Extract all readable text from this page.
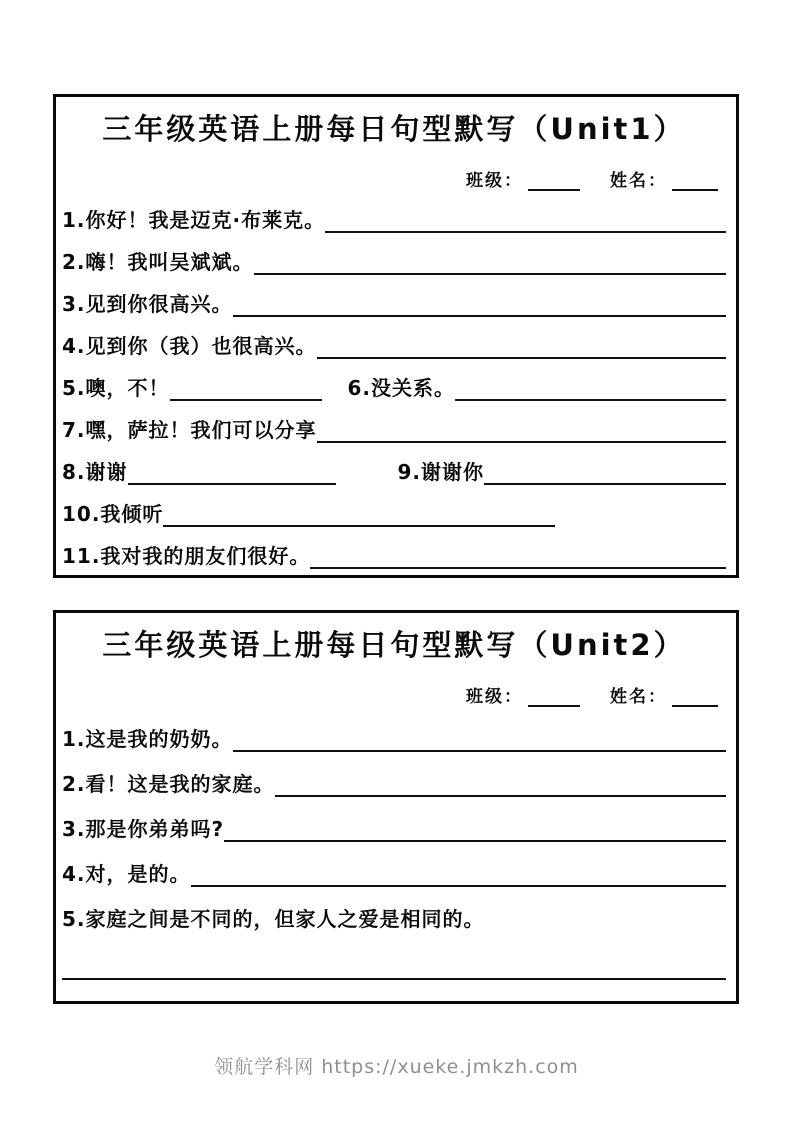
三年级英语上册每日句型默写（Unit1）
班级：	姓名：
1.你好！我是迈克·布莱克。
2.嗨！我叫吴斌斌。
3.见到你很高兴。
4.见到你（我）也很高兴。
5.噢，不！	6.没关系。
7.嘿，萨拉！我们可以分享
8.谢谢	9.谢谢你
10.我倾听
11.我对我的朋友们很好。
三年级英语上册每日句型默写（Unit2）
班级：	姓名：
1.这是我的奶奶。
2.看！这是我的家庭。
3.那是你弟弟吗?
4.对，是的。
5.家庭之间是不同的，但家人之爱是相同的。
领航学科网 https://xueke.jmkzh.com
